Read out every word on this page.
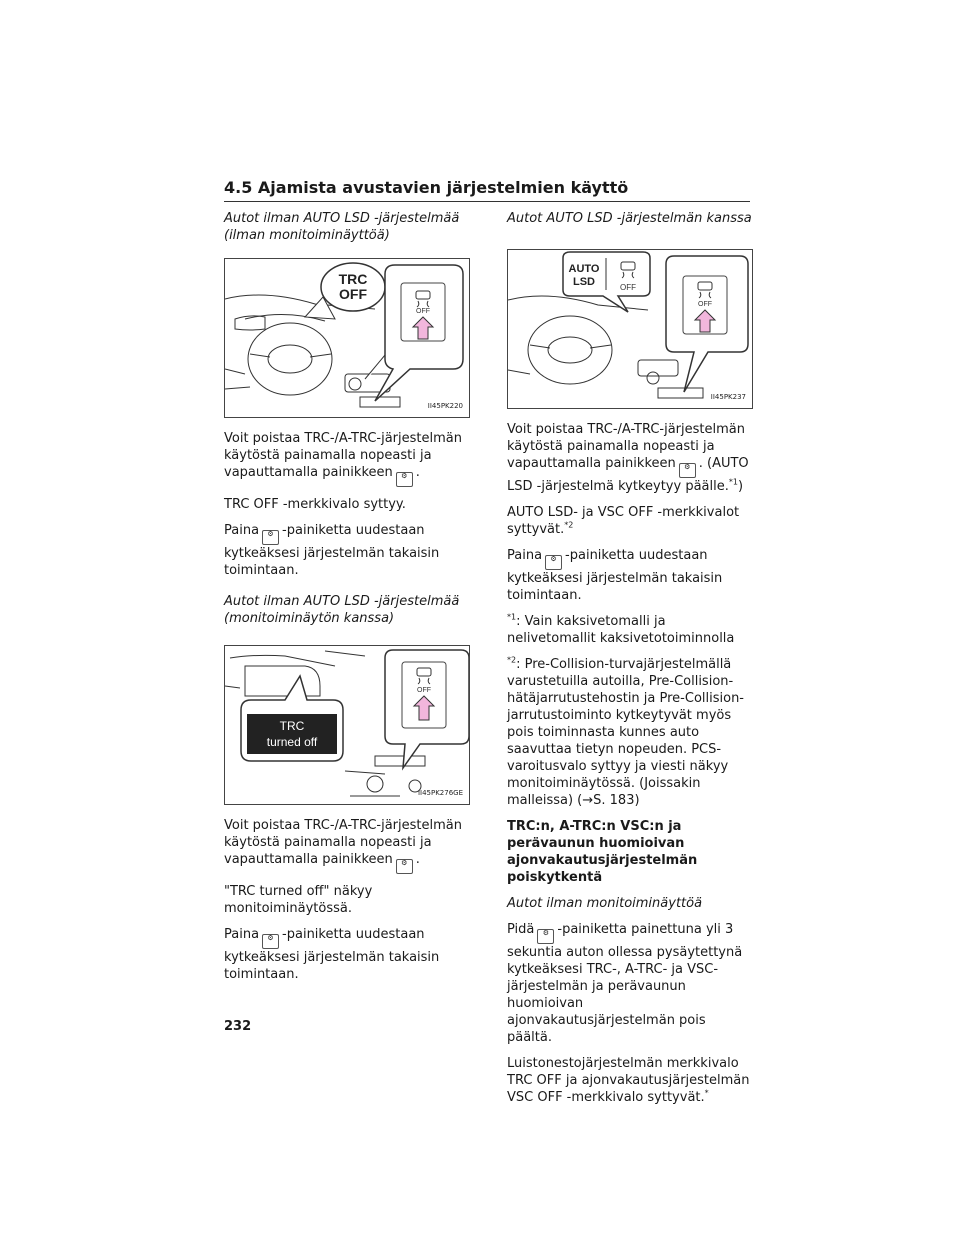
4.5 Ajamista avustavien järjestelmien käyttö

Autot ilman AUTO LSD -järjestelmää (ilman monitoiminäyttöä)

TRC
OFF
OFF
II45PK220

Voit poistaa TRC-/A-TRC-järjestelmän käytöstä painamalla nopeasti ja vapauttamalla painikkeen ⚙ .

TRC OFF -merkkivalo syttyy.

Paina ⚙ -painiketta uudestaan kytkeäksesi järjestelmän takaisin toimintaan.

Autot ilman AUTO LSD -järjestelmää (monitoiminäytön kanssa)

TRC
turned off
OFF
II45PK276GE

Voit poistaa TRC-/A-TRC-järjestelmän käytöstä painamalla nopeasti ja vapauttamalla painikkeen ⚙ .

"TRC turned off" näkyy monitoiminäytössä.

Paina ⚙ -painiketta uudestaan kytkeäksesi järjestelmän takaisin toimintaan.

Autot AUTO LSD -järjestelmän kanssa

AUTO
LSD	OFF
OFF
II45PK237

Voit poistaa TRC-/A-TRC-järjestelmän käytöstä painamalla nopeasti ja vapauttamalla painikkeen ⚙ . (AUTO LSD -järjestelmä kytkeytyy päälle.$^{*1}$)

AUTO LSD- ja VSC OFF -merkkivalot syttyvät.$^{*2}$

Paina ⚙ -painiketta uudestaan kytkeäksesi järjestelmän takaisin toimintaan.

$^{*1}$: Vain kaksivetomalli ja nelivetomallit kaksivetotoiminnolla

$^{*2}$: Pre-Collision-turvajärjestelmällä varustetuilla autoilla, Pre-Collision-hätäjarrutustehostin ja Pre-Collision-jarrutustoiminto kytkeytyvät myös pois toiminnasta kunnes auto saavuttaa tietyn nopeuden. PCS-varoitusvalo syttyy ja viesti näkyy monitoiminäytössä. (Joissakin malleissa) (→S. 183)

TRC:n, A-TRC:n VSC:n ja perävaunun huomioivan ajonvakautusjärjestelmän poiskytkentä

Autot ilman monitoiminäyttöä

Pidä ⚙ -painiketta painettuna yli 3 sekuntia auton ollessa pysäytettynä kytkeäksesi TRC-, A-TRC- ja VSC-järjestelmän ja perävaunun huomioivan ajonvakautusjärjestelmän pois päältä.

Luistonestojärjestelmän merkkivalo TRC OFF ja ajonvakautusjärjestelmän VSC OFF -merkkivalo syttyvät.*

232
